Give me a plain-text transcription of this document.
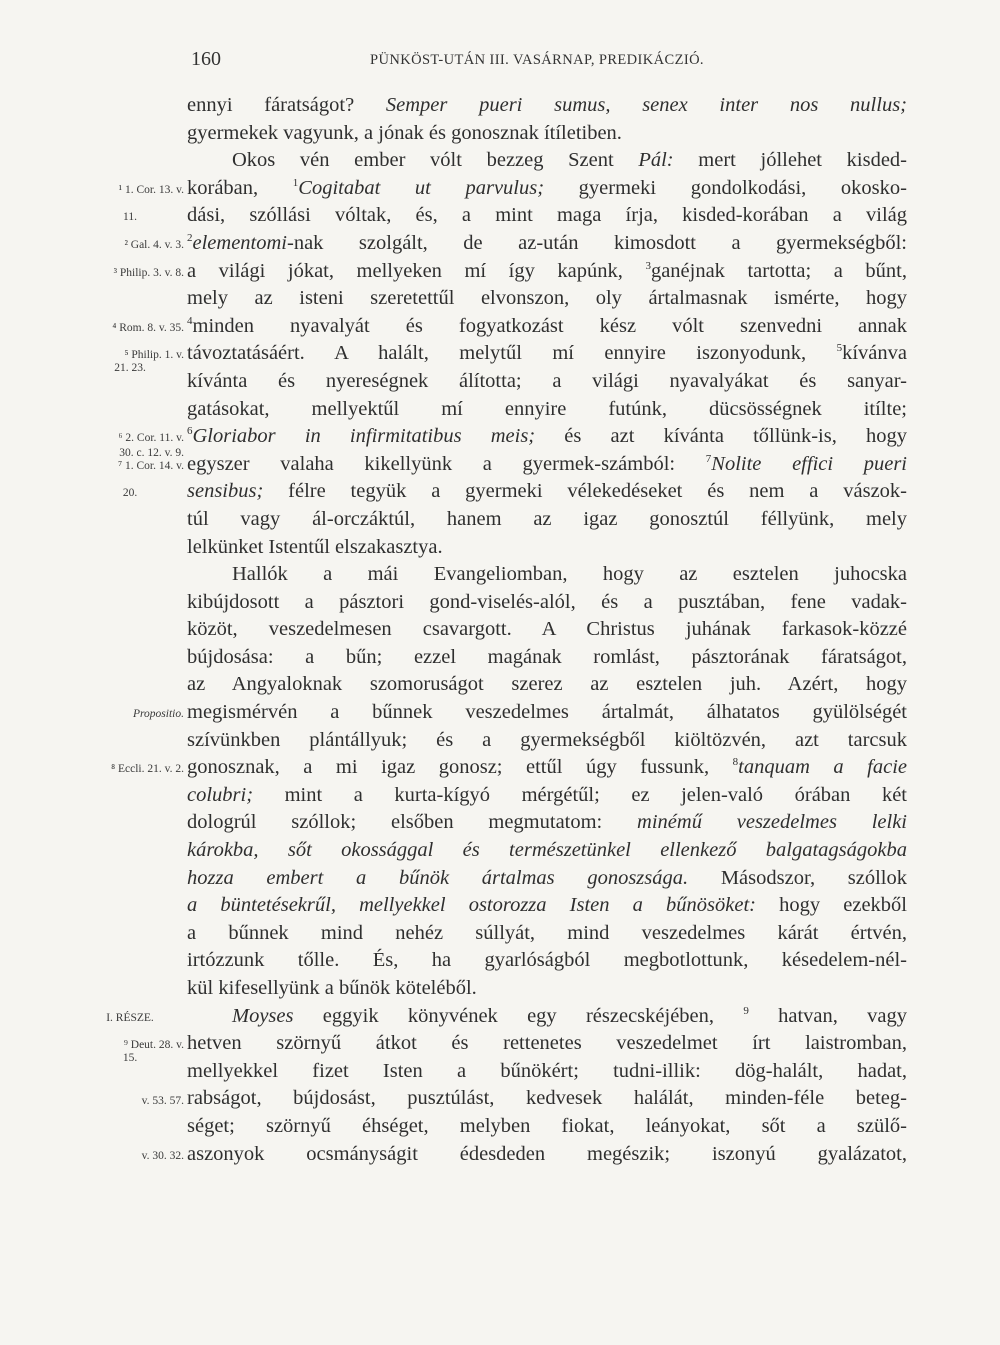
160	PÜNKÖST-UTÁN III. VASÁRNAP, PREDIKÁCZIÓ.
ennyi fáratságot? Semper pueri sumus, senex inter nos nullus;
gyermekek vagyunk, a jónak és gonosznak ítíletiben.
Okos vén ember vólt bezzeg Szent Pál: mert jóllehet kisded-
korában, $^1$Cogitabat ut parvulus; gyermeki gondolkodási, okosko-
dási, szóllási vóltak, és, a mint maga írja, kisded-korában a világ
$^2$elementomi-nak szolgált, de az-után kimosdott a gyermekségből:
a világi jókat, mellyeken mí így kapúnk, $^3$ganéjnak tartotta; a bűnt,
mely az isteni szeretettűl elvonszon, oly ártalmasnak ismérte, hogy
$^4$minden nyavalyát és fogyatkozást kész vólt szenvedni annak
távoztatásáért. A halált, melytűl mí ennyire iszonyodunk, $^5$kívánva
kívánta és nyereségnek álította; a világi nyavalyákat és sanyar-
gatásokat, mellyektűl mí ennyire futúnk, dücsösségnek itílte;
$^6$Gloriabor in infirmitatibus meis; és azt kívánta tőllünk-is, hogy
egyszer valaha kikellyünk a gyermek-számból: $^7$Nolite effici pueri
sensibus; félre tegyük a gyermeki vélekedéseket és nem a vászok-
túl vagy ál-orczáktúl, hanem az igaz gonosztúl féllyünk, mely
lelkünket Istentűl elszakasztya.
Hallók a mái Evangeliomban, hogy az esztelen juhocska
kibújdosott a pásztori gond-viselés-alól, és a pusztában, fene vadak-
közöt, veszedelmesen csavargott. A Christus juhának farkasok-közzé
bújdosása: a bűn; ezzel magának romlást, pásztorának fáratságot,
az Angyaloknak szomoruságot szerez az esztelen juh. Azért, hogy
megismérvén a bűnnek veszedelmes ártalmát, álhatatos gyülölségét
szívünkben plántállyuk; és a gyermekségből kiöltözvén, azt tarcsuk
gonosznak, a mi igaz gonosz; ettűl úgy fussunk, $^8$tanquam a facie
colubri; mint a kurta-kígyó mérgétűl; ez jelen-való órában két
dologrúl szóllok; elsőben megmutatom: minémű veszedelmes lelki
károkba, sőt okossággal és természetünkel ellenkező balgatagságokba
hozza embert a bűnök ártalmas gonoszsága. Másodszor, szóllok
a büntetésekrűl, mellyekkel ostorozza Isten a bűnösöket: hogy ezekből
a bűnnek mind nehéz súllyát, mind veszedelmes kárát értvén,
irtózzunk tőlle. És, ha gyarlóságból megbotlottunk, késedelem-nél-
kül kifesellyünk a bűnök köteléből.
Moyses eggyik könyvének egy részecskéjében, $^9$ hatvan, vagy
hetven szörnyű átkot és rettenetes veszedelmet írt laistromban,
mellyekkel fizet Isten a bűnökért; tudni-illik: dög-halált, hadat,
rabságot, bújdosást, pusztúlást, kedvesek halálát, minden-féle beteg-
séget; szörnyű éhséget, melyben fiokat, leányokat, sőt a szülő-
aszonyok ocsmányságit édesdeden megészik; iszonyú gyalázatot,
¹ 1. Cor. 13. v.
11.
² Gal. 4. v. 3.
³ Philip. 3. v. 8.
⁴ Rom. 8. v. 35.
⁵ Philip. 1. v.
21. 23.
⁶ 2. Cor. 11. v.
30. c. 12. v. 9.
⁷ 1. Cor. 14. v.
20.
Propositio.
⁸ Eccli. 21. v. 2.
I. RÉSZE.
⁹ Deut. 28. v.
15.
v. 53. 57.
v. 30. 32.
